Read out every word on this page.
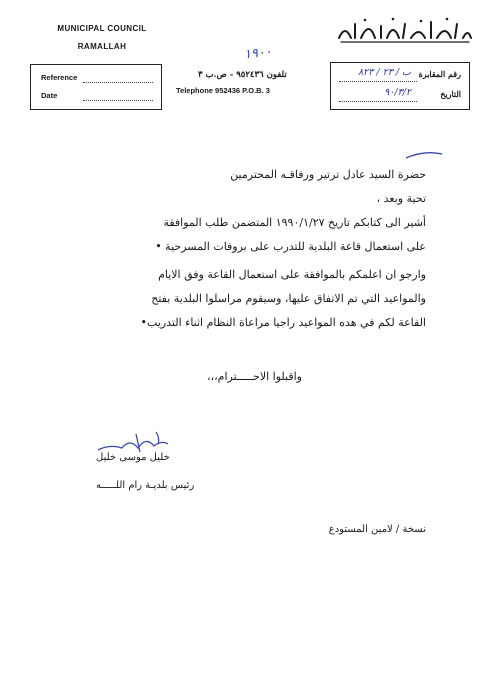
MUNICIPAL COUNCIL
RAMALLAH
Reference
Date
رقم المقابرة
ب / ۲۳ / ۸۲۳
التاريخ
٩٠/٣/٢
١٩٠٠
تلفون ٩٥٢٤٣٦ - ص.ب ٣
Telephone 952436 P.O.B. 3
حضرة السيد عادل ترتير ورفاقـه المحترمين
تحية وبعد ،
أشير الى كتابكم تاريخ ١٩٩٠/١/٢٧ المتضمن طلب الموافقة
على استعمال قاعة البلدية للتدرب على بروفات المسرحية •
وارجو ان اعلمكم بالموافقة على استعمال القاعة وفق الايام
والمواعيد التي تم الاتفاق عليها، وسيقوم مراسلوا البلدية بفتح
القاعة لكم في هده المواعيد راجيا مراعاة النظام اثناء التدريب•
واقبلوا الاحـــــترام،،،
خليل موسى خليل
رئيس بلديـة رام اللـــــه
نسخة / لامين المستودع
